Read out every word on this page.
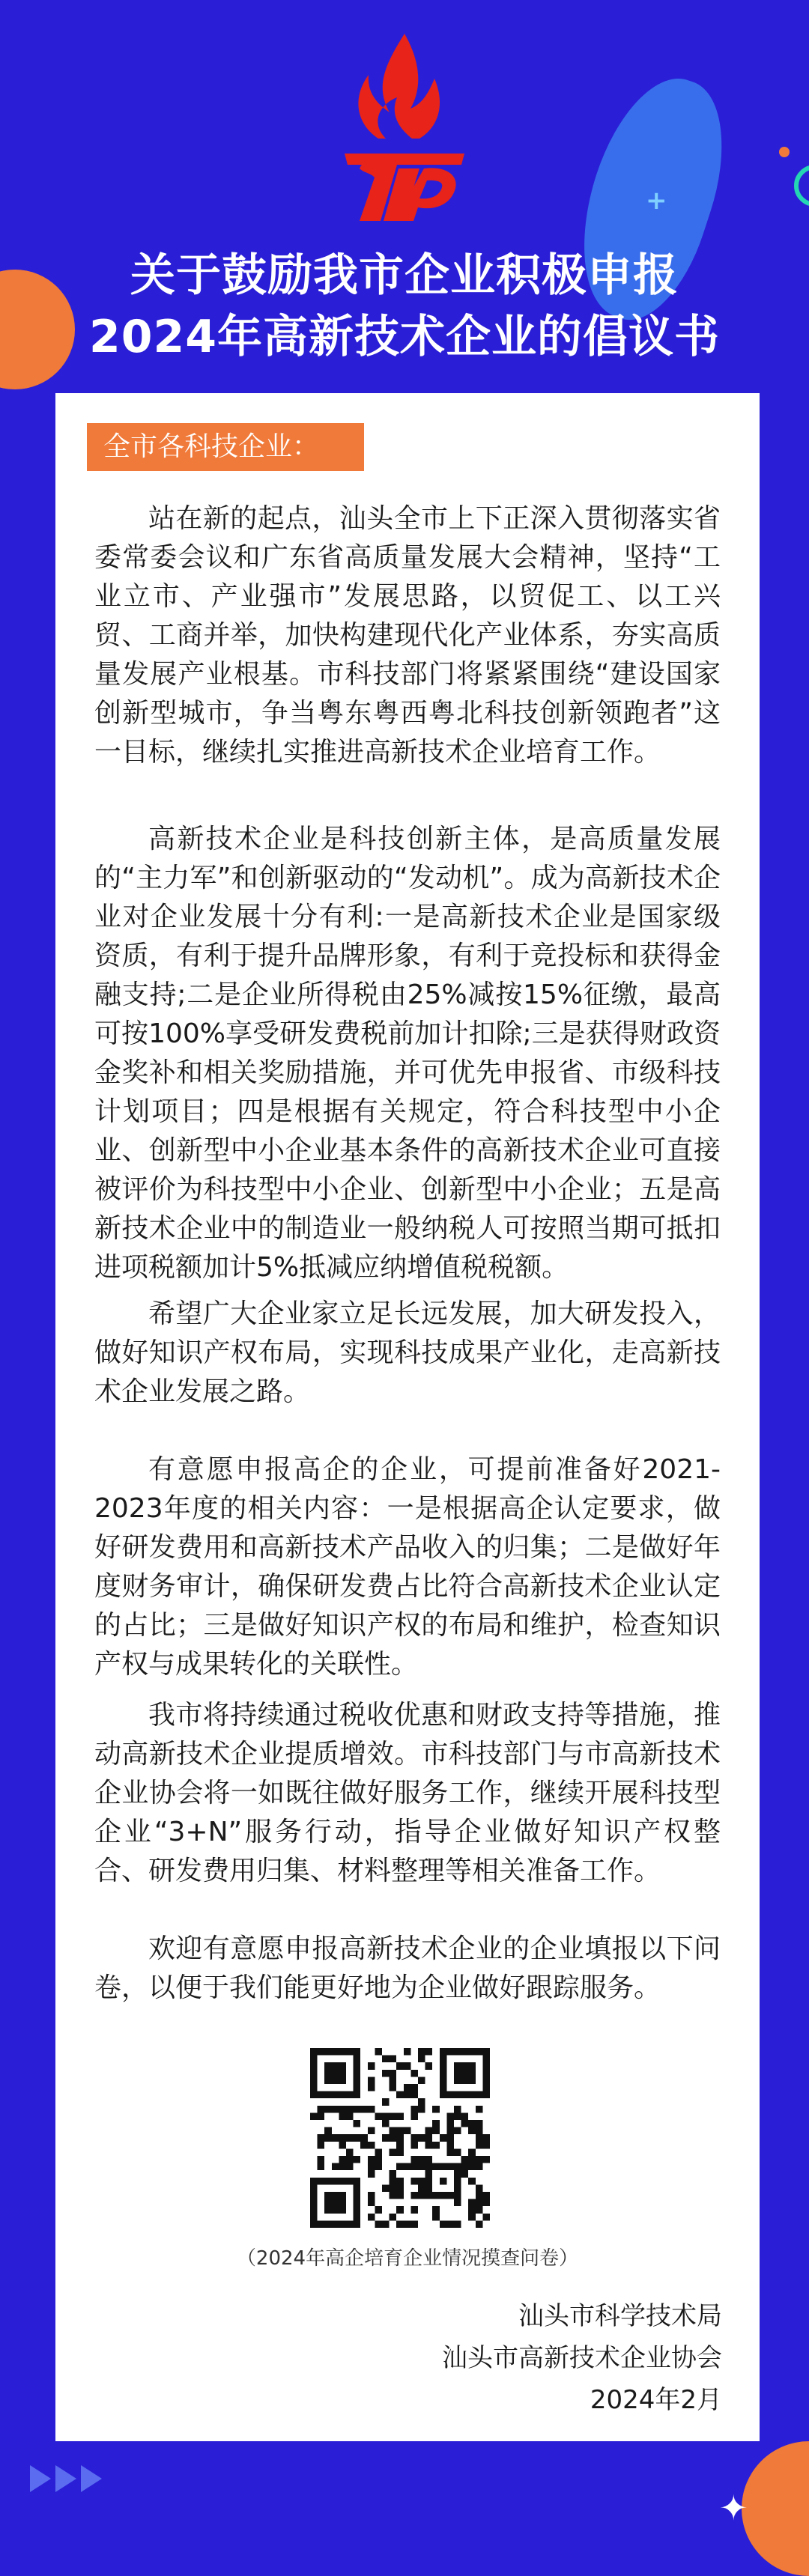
+
✦
关于鼓励我市企业积极申报
2024年高新技术企业的倡议书
全市各科技企业：

站在新的起点，汕头全市上下正深入贯彻落实省委常委会议和广东省高质量发展大会精神，坚持“工业立市、产业强市”发展思路，以贸促工、以工兴贸、工商并举，加快构建现代化产业体系，夯实高质量发展产业根基。市科技部门将紧紧围绕“建设国家创新型城市，争当粤东粤西粤北科技创新领跑者”这一目标，继续扎实推进高新技术企业培育工作。

高新技术企业是科技创新主体，是高质量发展的“主力军”和创新驱动的“发动机”。成为高新技术企业对企业发展十分有利:一是高新技术企业是国家级资质，有利于提升品牌形象，有利于竞投标和获得金融支持;二是企业所得税由25%减按15%征缴，最高可按100%享受研发费税前加计扣除;三是获得财政资金奖补和相关奖励措施，并可优先申报省、市级科技计划项目；四是根据有关规定，符合科技型中小企业、创新型中小企业基本条件的高新技术企业可直接被评价为科技型中小企业、创新型中小企业；五是高新技术企业中的制造业一般纳税人可按照当期可抵扣进项税额加计5%抵减应纳增值税税额。

希望广大企业家立足长远发展，加大研发投入，做好知识产权布局，实现科技成果产业化，走高新技术企业发展之路。

有意愿申报高企的企业，可提前准备好2021-2023年度的相关内容：一是根据高企认定要求，做好研发费用和高新技术产品收入的归集；二是做好年度财务审计，确保研发费占比符合高新技术企业认定的占比；三是做好知识产权的布局和维护，检查知识产权与成果转化的关联性。

我市将持续通过税收优惠和财政支持等措施，推动高新技术企业提质增效。市科技部门与市高新技术企业协会将一如既往做好服务工作，继续开展科技型企业“3+N”服务行动，指导企业做好知识产权整合、研发费用归集、材料整理等相关准备工作。

欢迎有意愿申报高新技术企业的企业填报以下问卷，以便于我们能更好地为企业做好跟踪服务。

（2024年高企培育企业情况摸查问卷）
汕头市科学技术局
汕头市高新技术企业协会
2024年2月
